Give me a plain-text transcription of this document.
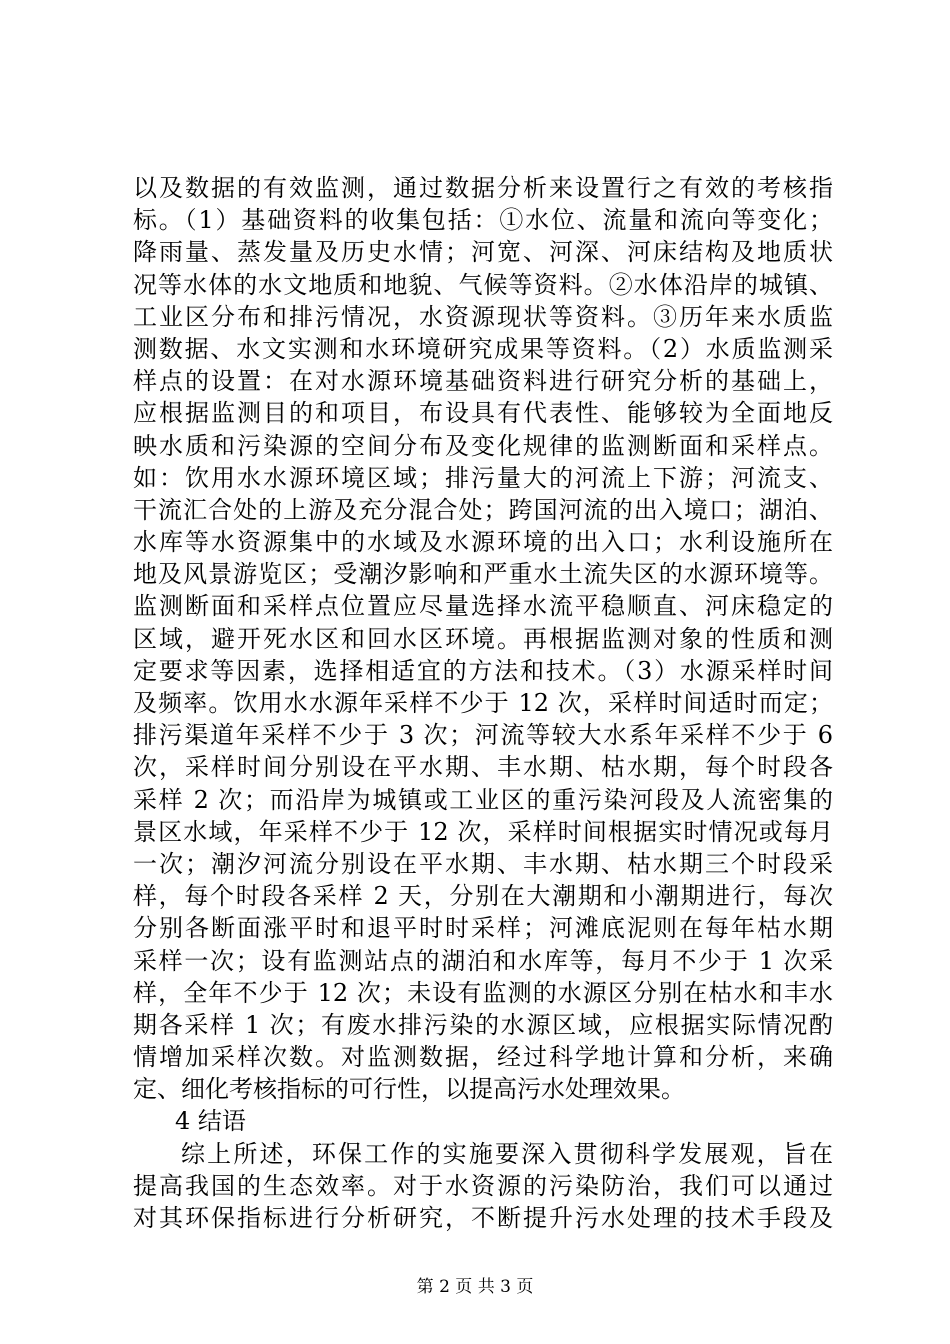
以及数据的有效监测，通过数据分析来设置行之有效的考核指
标。（1）基础资料的收集包括：①水位、流量和流向等变化；
降雨量、蒸发量及历史水情；河宽、河深、河床结构及地质状
况等水体的水文地质和地貌、气候等资料。②水体沿岸的城镇、
工业区分布和排污情况，水资源现状等资料。③历年来水质监
测数据、水文实测和水环境研究成果等资料。（2）水质监测采
样点的设置：在对水源环境基础资料进行研究分析的基础上，
应根据监测目的和项目，布设具有代表性、能够较为全面地反
映水质和污染源的空间分布及变化规律的监测断面和采样点。
如：饮用水水源环境区域；排污量大的河流上下游；河流支、
干流汇合处的上游及充分混合处；跨国河流的出入境口；湖泊、
水库等水资源集中的水域及水源环境的出入口；水利设施所在
地及风景游览区；受潮汐影响和严重水土流失区的水源环境等。
监测断面和采样点位置应尽量选择水流平稳顺直、河床稳定的
区域，避开死水区和回水区环境。再根据监测对象的性质和测
定要求等因素，选择相适宜的方法和技术。（3）水源采样时间
及频率。饮用水水源年采样不少于 12 次，采样时间适时而定；
排污渠道年采样不少于 3 次；河流等较大水系年采样不少于 6
次，采样时间分别设在平水期、丰水期、枯水期，每个时段各
采样 2 次；而沿岸为城镇或工业区的重污染河段及人流密集的
景区水域，年采样不少于 12 次，采样时间根据实时情况或每月
一次；潮汐河流分别设在平水期、丰水期、枯水期三个时段采
样，每个时段各采样 2 天，分别在大潮期和小潮期进行，每次
分别各断面涨平时和退平时时采样；河滩底泥则在每年枯水期
采样一次；设有监测站点的湖泊和水库等，每月不少于 1 次采
样，全年不少于 12 次；未设有监测的水源区分别在枯水和丰水
期各采样 1 次；有废水排污染的水源区域，应根据实际情况酌
情增加采样次数。对监测数据，经过科学地计算和分析，来确
定、细化考核指标的可行性，以提高污水处理效果。
4 结语
综上所述，环保工作的实施要深入贯彻科学发展观，旨在
提高我国的生态效率。对于水资源的污染防治，我们可以通过
对其环保指标进行分析研究，不断提升污水处理的技术手段及
第 2 页 共 3 页
